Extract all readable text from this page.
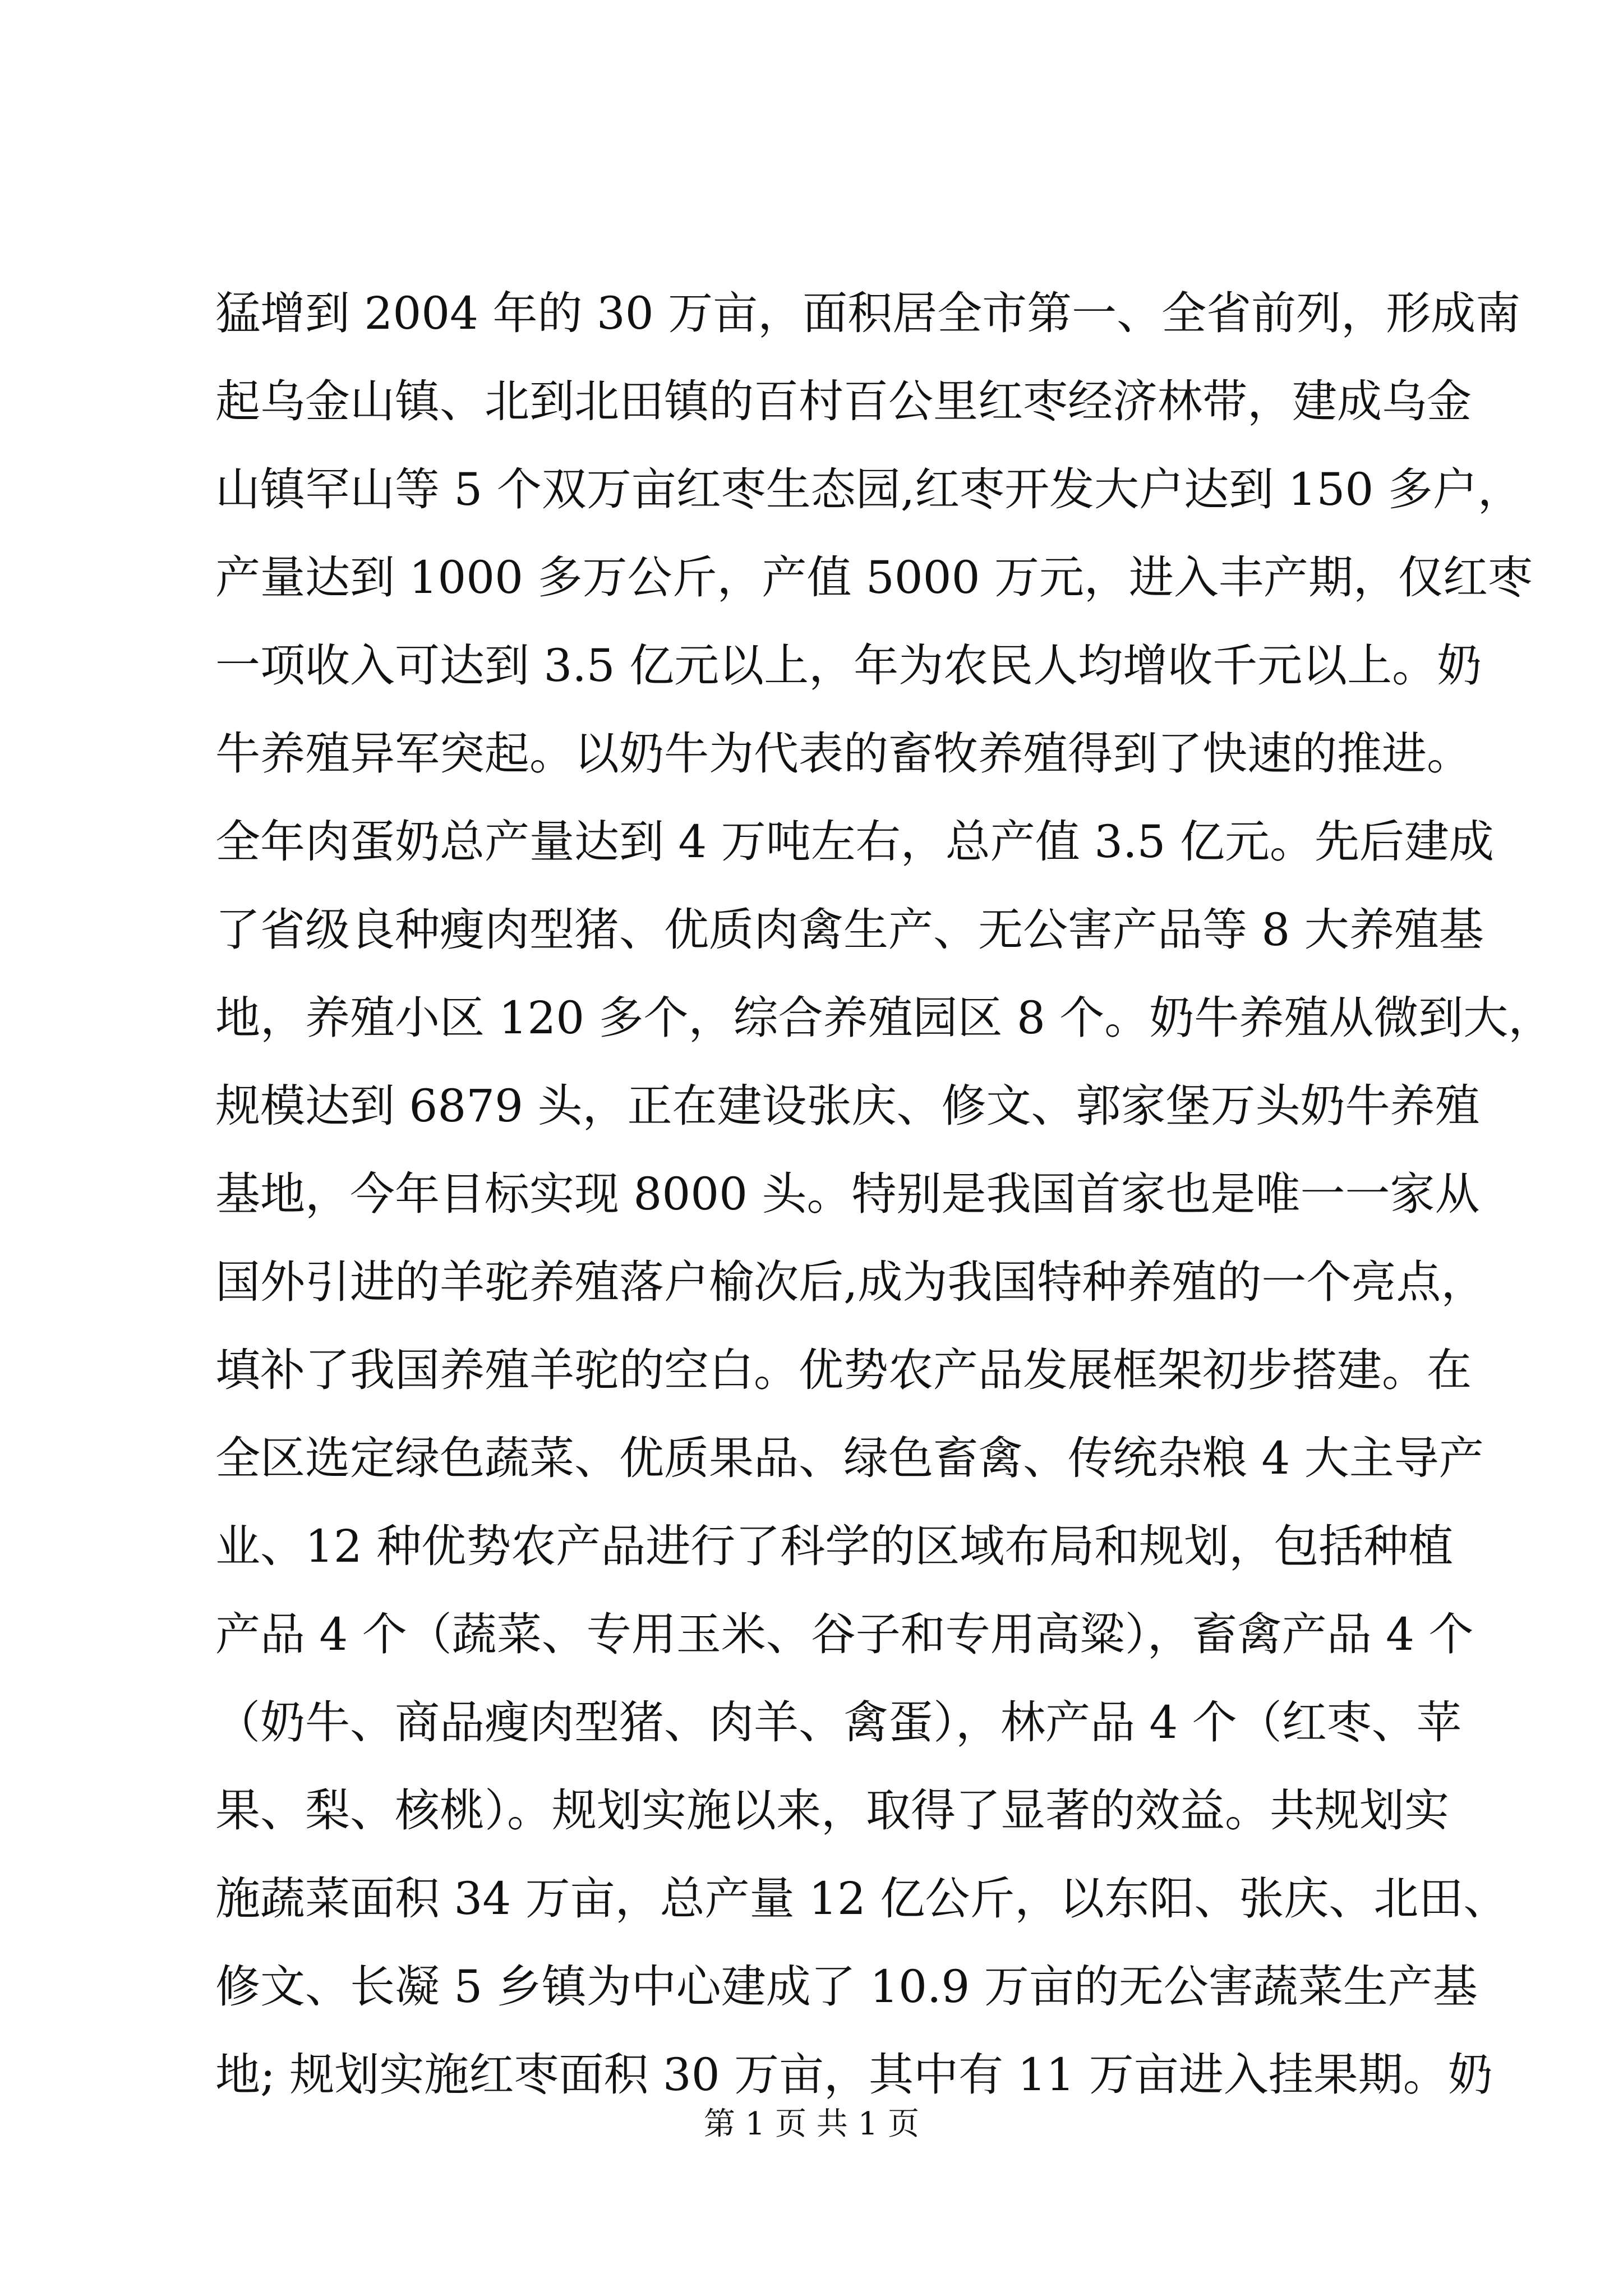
猛增到 2004 年的 30 万亩，面积居全市第一、全省前列，形成南
起乌金山镇、北到北田镇的百村百公里红枣经济林带，建成乌金
山镇罕山等 5 个双万亩红枣生态园,红枣开发大户达到 150 多户，
产量达到 1000 多万公斤，产值 5000 万元，进入丰产期，仅红枣
一项收入可达到 3.5 亿元以上，年为农民人均增收千元以上。奶
牛养殖异军突起。以奶牛为代表的畜牧养殖得到了快速的推进。
全年肉蛋奶总产量达到 4 万吨左右，总产值 3.5 亿元。先后建成
了省级良种瘦肉型猪、优质肉禽生产、无公害产品等 8 大养殖基
地，养殖小区 120 多个，综合养殖园区 8 个。奶牛养殖从微到大，
规模达到 6879 头，正在建设张庆、修文、郭家堡万头奶牛养殖
基地，今年目标实现 8000 头。特别是我国首家也是唯一一家从
国外引进的羊驼养殖落户榆次后,成为我国特种养殖的一个亮点，
填补了我国养殖羊驼的空白。优势农产品发展框架初步搭建。在
全区选定绿色蔬菜、优质果品、绿色畜禽、传统杂粮 4 大主导产
业、12 种优势农产品进行了科学的区域布局和规划，包括种植
产品 4 个（蔬菜、专用玉米、谷子和专用高粱），畜禽产品 4 个
（奶牛、商品瘦肉型猪、肉羊、禽蛋），林产品 4 个（红枣、苹
果、梨、核桃）。规划实施以来，取得了显著的效益。共规划实
施蔬菜面积 34 万亩，总产量 12 亿公斤，以东阳、张庆、北田、
修文、长凝 5 乡镇为中心建成了 10.9 万亩的无公害蔬菜生产基
地; 规划实施红枣面积 30 万亩，其中有 11 万亩进入挂果期。奶
第 1 页 共 1 页
